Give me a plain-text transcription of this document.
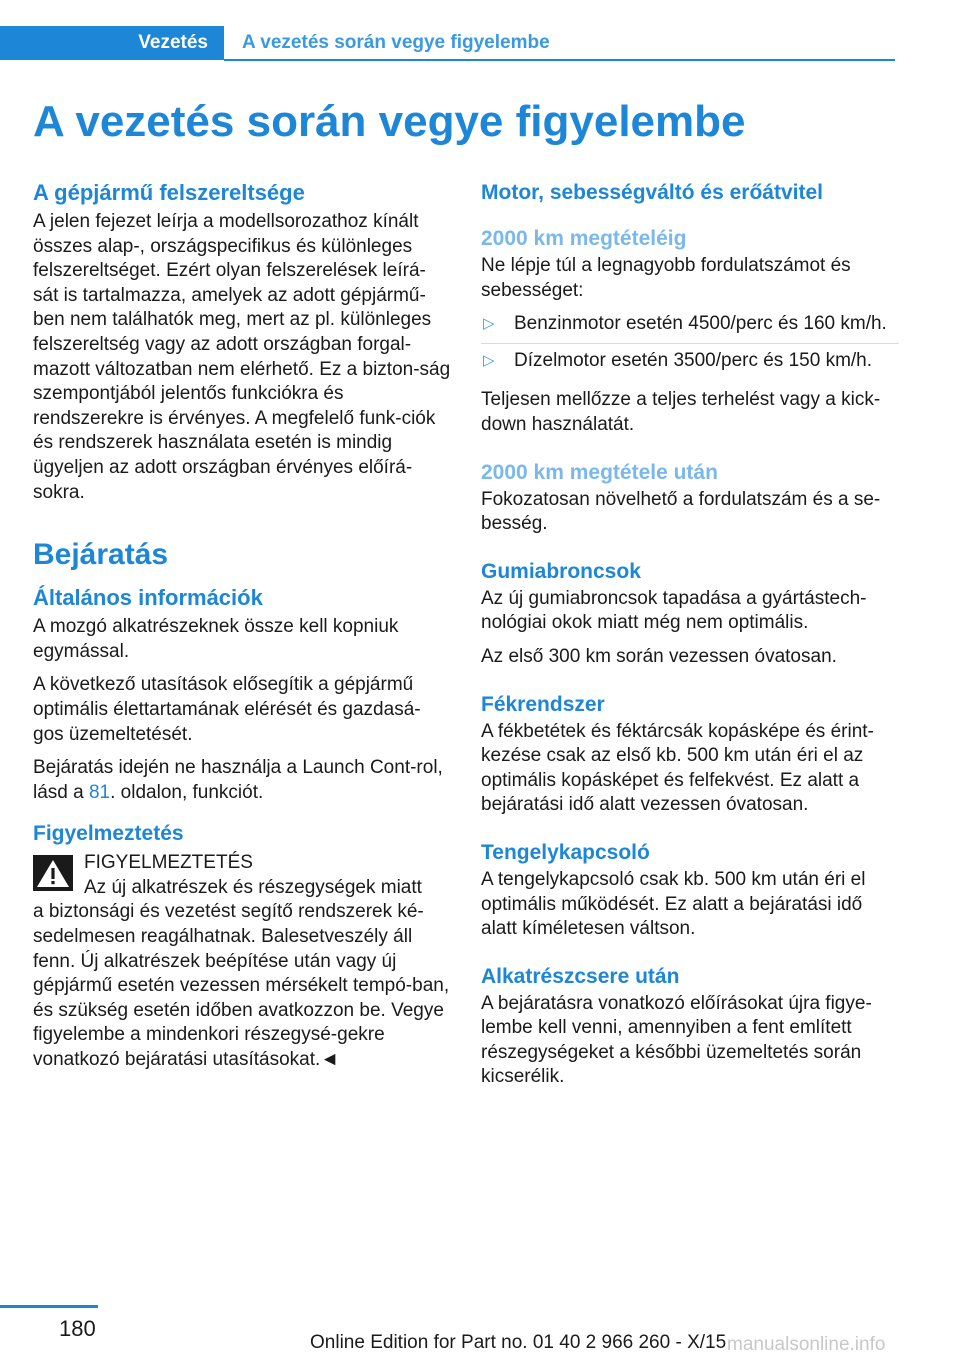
Vezetés A vezetés során vegye figyelembe
A vezetés során vegye figyelembe
A gépjármű felszereltsége

A jelen fejezet leírja a modellsorozathoz kínált összes alap-, országspecifikus és különleges felszereltséget. Ezért olyan felszerelések leírá-sát is tartalmazza, amelyek az adott gépjármű-ben nem találhatók meg, mert az pl. különleges felszereltség vagy az adott országban forgal-mazott változatban nem elérhető. Ez a bizton-ság szempontjából jelentős funkciókra és rendszerekre is érvényes. A megfelelő funk-ciók és rendszerek használata esetén is mindig ügyeljen az adott országban érvényes előírá-sokra.

Bejáratás
Általános információk

A mozgó alkatrészeknek össze kell kopniuk egymással.

A következő utasítások elősegítik a gépjármű optimális élettartamának elérését és gazdasá-gos üzemeltetését.

Bejáratás idején ne használja a Launch Cont-rol, lásd a 81. oldalon, funkciót.

Figyelmeztetés

FIGYELMEZTETÉS

Az új alkatrészek és részegységek miatt

a biztonsági és vezetést segítő rendszerek ké-sedelmesen reagálhatnak. Balesetveszély áll fenn. Új alkatrészek beépítése után vagy új gépjármű esetén vezessen mérsékelt tempó-ban, és szükség esetén időben avatkozzon be. Vegye figyelembe a mindenkori részegysé-gekre vonatkozó bejáratási utasításokat.◄

Motor, sebességváltó és erőátvitel
2000 km megtételéig

Ne lépje túl a legnagyobb fordulatszámot és sebességet:

▷ Benzinmotor esetén 4500/perc és 160 km/h.
▷ Dízelmotor esetén 3500/perc és 150 km/h.

Teljesen mellőzze a teljes terhelést vagy a kick-down használatát.

2000 km megtétele után

Fokozatosan növelhető a fordulatszám és a se-besség.

Gumiabroncsok

Az új gumiabroncsok tapadása a gyártástech-nológiai okok miatt még nem optimális.

Az első 300 km során vezessen óvatosan.

Fékrendszer

A fékbetétek és féktárcsák kopásképe és érint-kezése csak az első kb. 500 km után éri el az optimális kopásképet és felfekvést. Ez alatt a bejáratási idő alatt vezessen óvatosan.

Tengelykapcsoló

A tengelykapcsoló csak kb. 500 km után éri el optimális működését. Ez alatt a bejáratási idő alatt kíméletesen váltson.

Alkatrészcsere után

A bejáratásra vonatkozó előírásokat újra figye-lembe kell venni, amennyiben a fent említett részegységeket a későbbi üzemeltetés során kicserélik.

180
Online Edition for Part no. 01 40 2 966 260 - X/15 manualsonline.info
